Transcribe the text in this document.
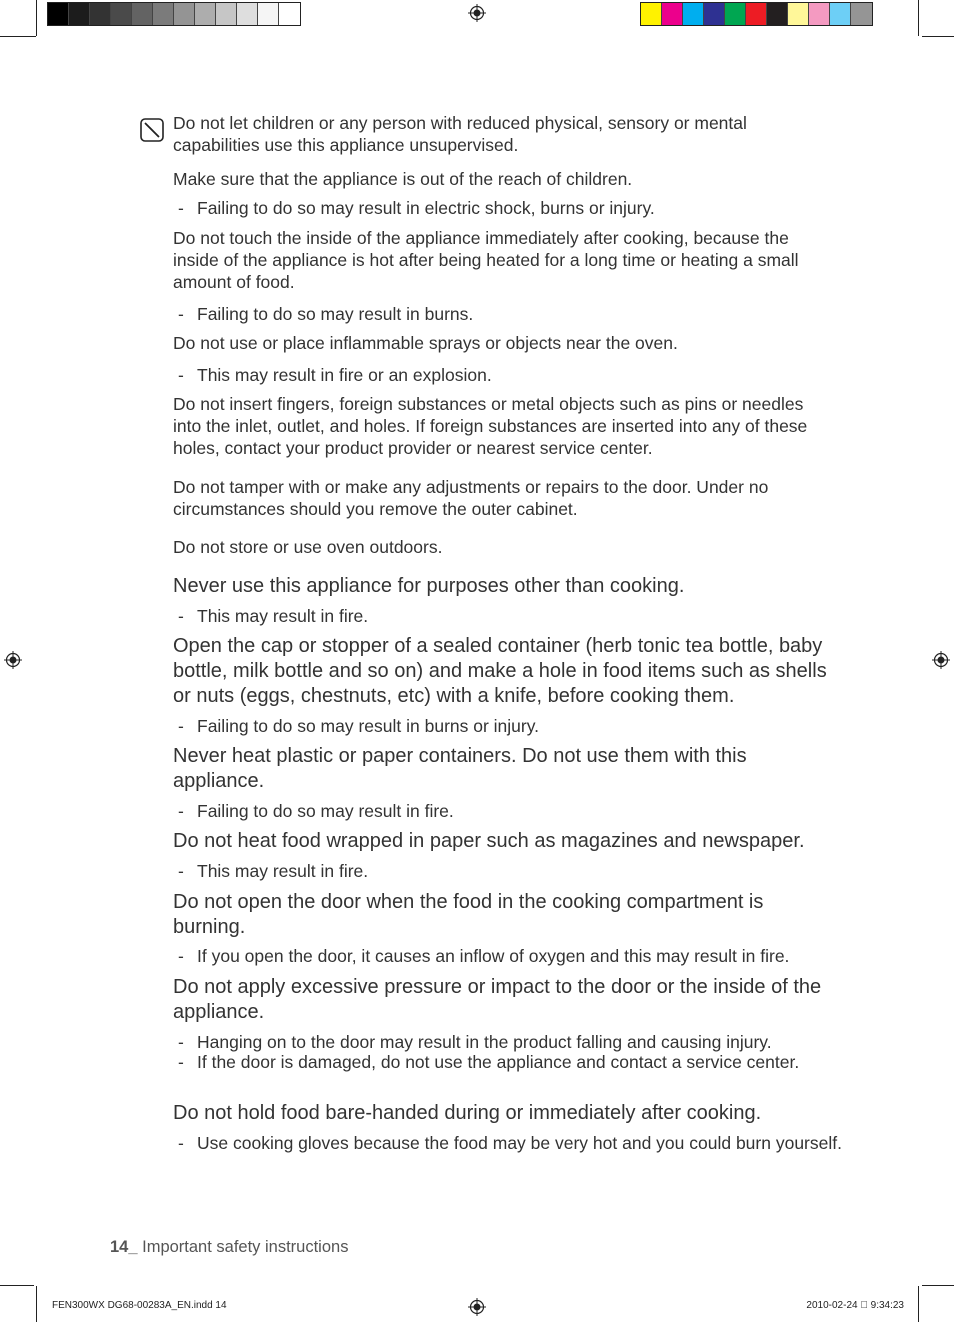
Do not let children or any person with reduced physical, sensory or mental capabilities use this appliance unsupervised.
Make sure that the appliance is out of the reach of children.
- Failing to do so may result in electric shock, burns or injury.
Do not touch the inside of the appliance immediately after cooking, because the inside of the appliance is hot after being heated for a long time or heating a small amount of food.
- Failing to do so may result in burns.
Do not use or place inflammable sprays or objects near the oven.
- This may result in fire or an explosion.
Do not insert fingers, foreign substances or metal objects such as pins or needles into the inlet, outlet, and holes. If foreign substances are inserted into any of these holes, contact your product provider or nearest service center.
Do not tamper with or make any adjustments or repairs to the door. Under no circumstances should you remove the outer cabinet.
Do not store or use oven outdoors.
Never use this appliance for purposes other than cooking.
- This may result in fire.
Open the cap or stopper of a sealed container (herb tonic tea bottle, baby bottle, milk bottle and so on) and make a hole in food items such as shells or nuts (eggs, chestnuts, etc) with a knife, before cooking them.
- Failing to do so may result in burns or injury.
Never heat plastic or paper containers. Do not use them with this appliance.
- Failing to do so may result in fire.
Do not heat food wrapped in paper such as magazines and newspaper.
- This may result in fire.
Do not open the door when the food in the cooking compartment is burning.
- If you open the door, it causes an inflow of oxygen and this may result in fire.
Do not apply excessive pressure or impact to the door or the inside of the appliance.
- Hanging on to the door may result in the product falling and causing injury.
- If the door is damaged, do not use the appliance and contact a service center.
Do not hold food bare-handed during or immediately after cooking.
- Use cooking gloves because the food may be very hot and you could burn yourself.
14_ Important safety instructions
FEN300WX DG68-00283A_EN.indd 14	2010-02-24   9:34:23
